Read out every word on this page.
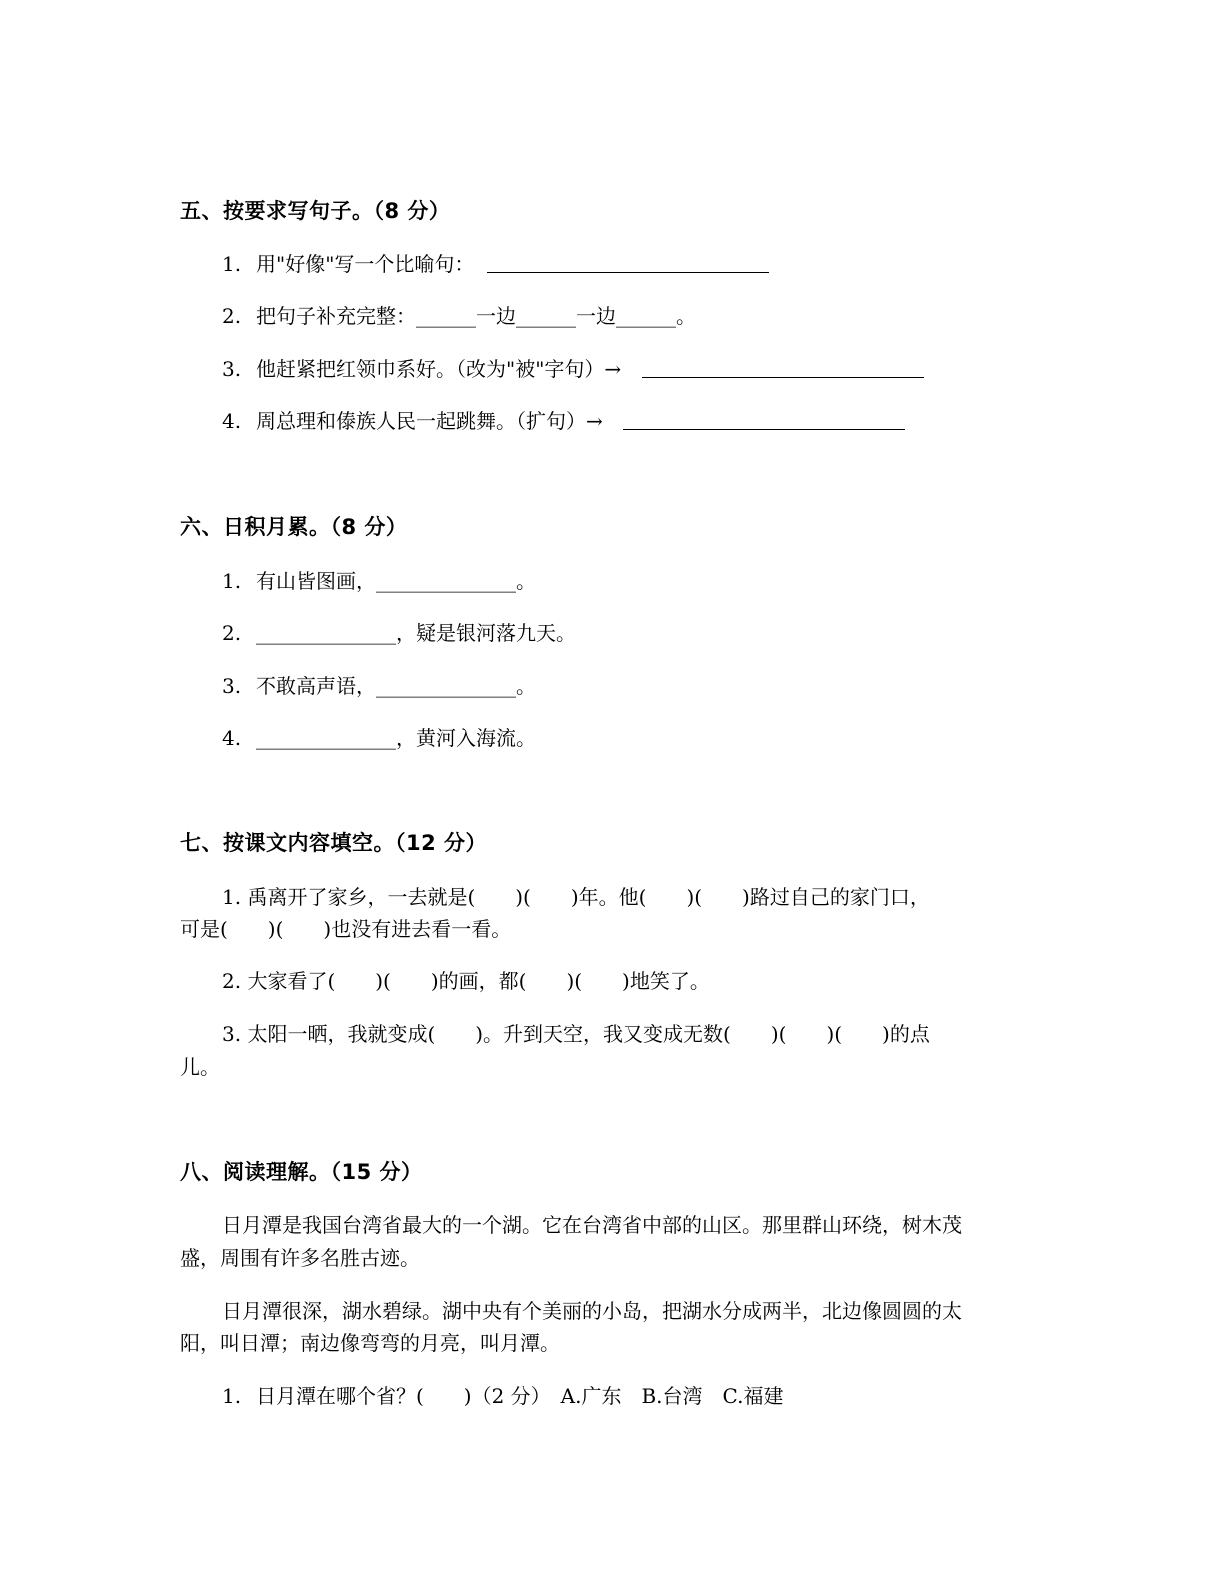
五、按要求写句子。（8 分）
1. 用"好像"写一个比喻句：
2. 把句子补充完整：______一边______一边______。
3. 他赶紧把红领巾系好。（改为"被"字句）→
4. 周总理和傣族人民一起跳舞。（扩句）→
六、日积月累。（8 分）
1. 有山皆图画，______________。
2. ______________，疑是银河落九天。
3. 不敢高声语，______________。
4. ______________，黄河入海流。
七、按课文内容填空。（12 分）
1. 禹离开了家乡，一去就是(　　)(　　)年。他(　　)(　　)路过自己的家门口，
可是(　　)(　　)也没有进去看一看。
2. 大家看了(　　)(　　)的画，都(　　)(　　)地笑了。
3. 太阳一晒，我就变成(　　)。升到天空，我又变成无数(　　)(　　)(　　)的点
儿。
八、阅读理解。（15 分）
日月潭是我国台湾省最大的一个湖。它在台湾省中部的山区。那里群山环绕，树木茂
盛，周围有许多名胜古迹。
日月潭很深，湖水碧绿。湖中央有个美丽的小岛，把湖水分成两半，北边像圆圆的太
阳，叫日潭；南边像弯弯的月亮，叫月潭。
1. 日月潭在哪个省？(　　)（2 分）　A.广东　B.台湾　C.福建
